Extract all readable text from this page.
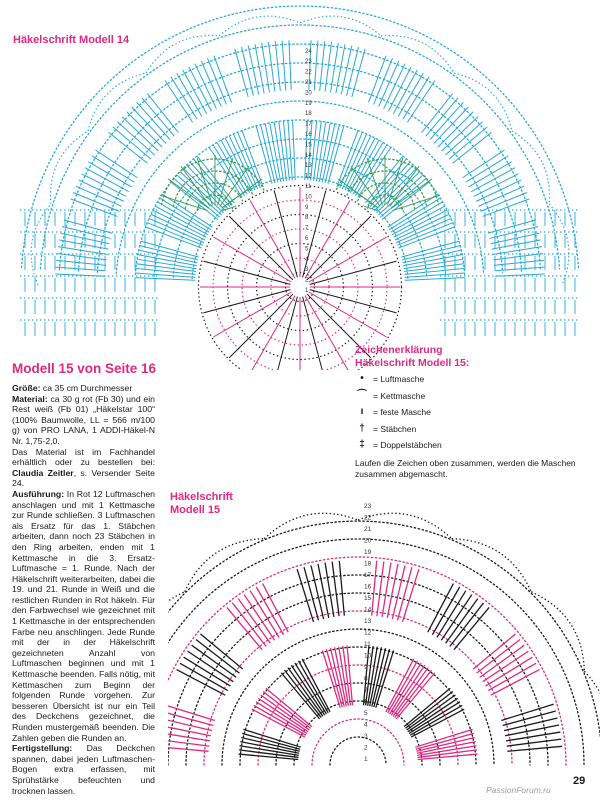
Häkelschrift Modell 14
1
2
3
4
5
6
7
8
9
10
11
12
13
14
15
16
17
18
19
20
21
22
23
24
Zeichenerklärung
Häkelschrift Modell 15:
•	= Luftmasche
⌒ = Kettmasche
ı	= feste Masche
† = Stäbchen
‡ = Doppelstäbchen
Laufen die Zeichen oben zusammen, werden die Maschen zusammen abgemascht.
Modell 15 von Seite 16

Größe: ca 35 cm Durchmesser

Material: ca 30 g rot (Fb 30) und ein Rest weiß (Fb 01) „Häkelstar 100“ (100% Baumwolle, LL = 566 m/100 g) von PRO LANA, 1 ADDI-Häkel-N Nr. 1,75-2,0.

Das Material ist im Fachhandel erhältlich oder zu bestellen bei: Claudia Zeitler, s. Versender Seite 24.

Ausführung: In Rot 12 Luftmaschen anschlagen und mit 1 Kettmasche zur Runde schließen. 3 Luftmaschen als Ersatz für das 1. Stäbchen arbeiten, dann noch 23 Stäbchen in den Ring arbeiten, enden mit 1 Kettmasche in die 3. Ersatz-Luftmasche = 1. Runde. Nach der Häkelschrift weiterarbeiten, dabei die 19. und 21. Runde in Weiß und die restlichen Runden in Rot häkeln. Für den Farbwechsel wie gezeichnet mit 1 Kettmasche in der entsprechenden Farbe neu anschlingen. Jede Runde mit der in der Häkelschrift gezeichneten Anzahl von Luftmaschen beginnen und mit 1 Kettmasche beenden. Falls nötig, mit Kettmaschen zum Beginn der folgenden Runde vorgehen. Zur besseren Übersicht ist nur ein Teil des Deckchens gezeichnet, die Runden mustergemäß beenden. Die Zahlen geben die Runden an.

Fertigstellung: Das Deckchen spannen, dabei jeden Luftmaschen-Bogen extra erfassen, mit Sprühstärke befeuchten und trocknen lassen.

Häkelschrift
Modell 15
1
2
3
4
5
6
7
8
9
10
11
12
13
14
15
16
17
18
19
20
21
22
23
29
PassionForum.ru
